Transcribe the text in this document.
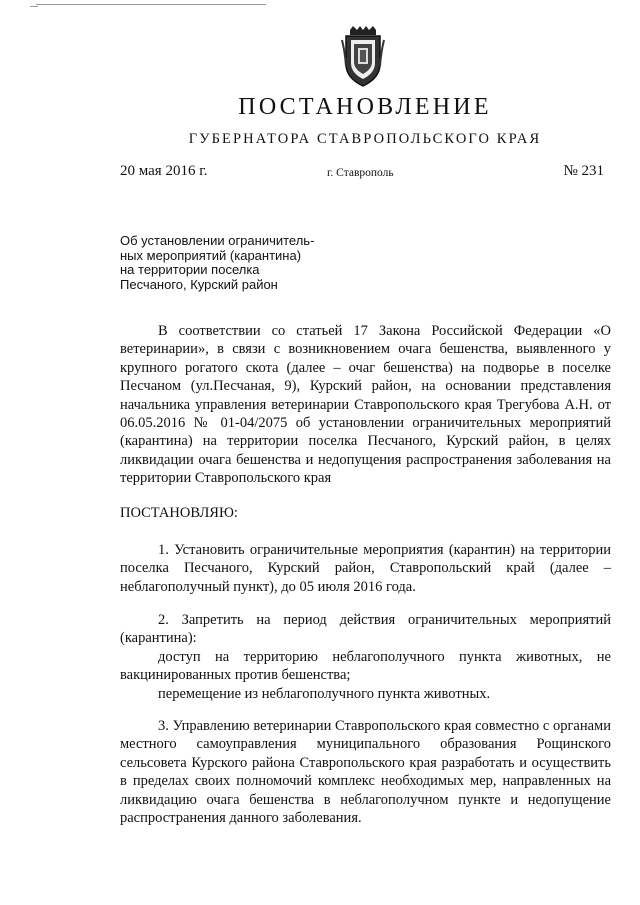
ПОСТАНОВЛЕНИЕ
ГУБЕРНАТОРА СТАВРОПОЛЬСКОГО КРАЯ
20 мая 2016 г.	г. Ставрополь	№ 231
Об установлении ограничитель-
ных мероприятий (карантина)
на территории поселка
Песчаного, Курский район
В соответствии со статьей 17 Закона Российской Федерации «О ветеринарии», в связи с возникновением очага бешенства, выявленного у крупного рогатого скота (далее – очаг бешенства) на подворье в поселке Песчаном (ул.Песчаная, 9), Курский район, на основании представления начальника управления ветеринарии Ставропольского края Трегубова А.Н. от 06.05.2016 № 01-04/2075 об установлении ограничительных мероприятий (карантина) на территории поселка Песчаного, Курский район, в целях ликвидации очага бешенства и недопущения распространения заболевания на территории Ставропольского края
ПОСТАНОВЛЯЮ:
1. Установить ограничительные мероприятия (карантин) на территории поселка Песчаного, Курский район, Ставропольский край (далее – неблагополучный пункт), до 05 июля 2016 года.

2. Запретить на период действия ограничительных мероприятий (карантина):

доступ на территорию неблагополучного пункта животных, не вакцинированных против бешенства;

перемещение из неблагополучного пункта животных.

3. Управлению ветеринарии Ставропольского края совместно с органами местного самоуправления муниципального образования Рощинского сельсовета Курского района Ставропольского края разработать и осуществить в пределах своих полномочий комплекс необходимых мер, направленных на ликвидацию очага бешенства в неблагополучном пункте и недопущение распространения данного заболевания.
